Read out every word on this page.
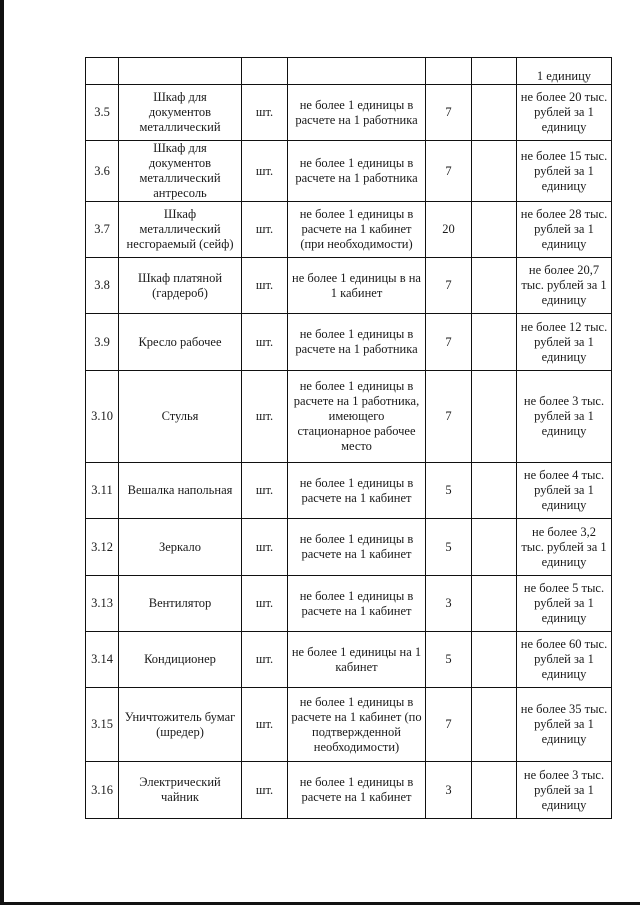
						1 единицу
3.5	Шкаф для документов металлический	шт.	не более 1 единицы в расчете на 1 работника	7		не более 20 тыс. рублей за 1 единицу
3.6	Шкаф для документов металлический антресоль	шт.	не более 1 единицы в расчете на 1 работника	7		не более 15 тыс. рублей за 1 единицу
3.7	Шкаф металлический несгораемый (сейф)	шт.	не более 1 единицы в расчете на 1 кабинет (при необходимости)	20		не более 28 тыс. рублей за 1 единицу
3.8	Шкаф платяной (гардероб)	шт.	не более 1 единицы в на 1 кабинет	7		не более 20,7 тыс. рублей за 1 единицу
3.9	Кресло рабочее	шт.	не более 1 единицы в расчете на 1 работника	7		не более 12 тыс. рублей за 1 единицу
3.10	Стулья	шт.	не более 1 единицы в расчете на 1 работника, имеющего стационарное рабочее место	7		не более 3 тыс. рублей за 1 единицу
3.11	Вешалка напольная	шт.	не более 1 единицы в расчете на 1 кабинет	5		не более 4 тыс. рублей за 1 единицу
3.12	Зеркало	шт.	не более 1 единицы в расчете на 1 кабинет	5		не более 3,2 тыс. рублей за 1 единицу
3.13	Вентилятор	шт.	не более 1 единицы в расчете на 1 кабинет	3		не более 5 тыс. рублей за 1 единицу
3.14	Кондиционер	шт.	не более 1 единицы на 1 кабинет	5		не более 60 тыс. рублей за 1 единицу
3.15	Уничтожитель бумаг (шредер)	шт.	не более 1 единицы в расчете на 1 кабинет (по подтвержденной необходимости)	7		не более 35 тыс. рублей за 1 единицу
3.16	Электрический чайник	шт.	не более 1 единицы в расчете на 1 кабинет	3		не более 3 тыс. рублей за 1 единицу
